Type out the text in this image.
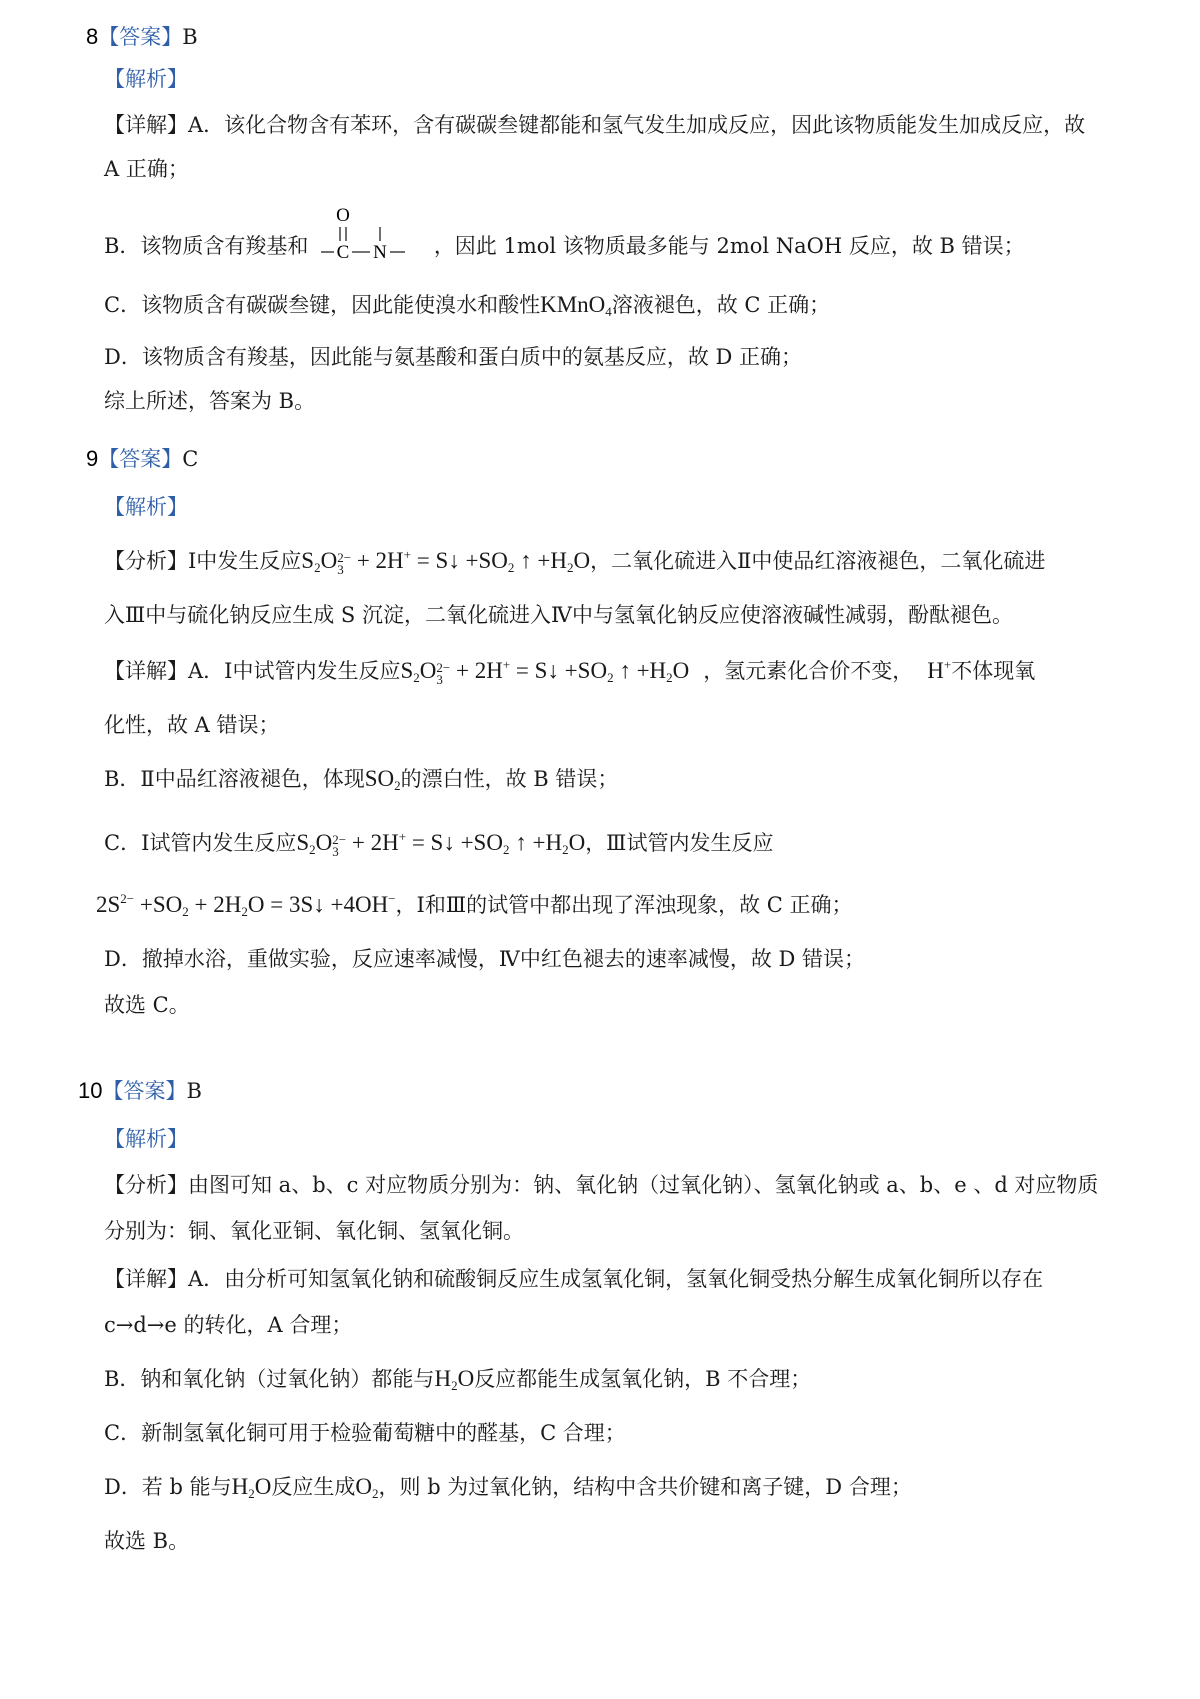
8【答案】B
【解析】
【详解】A．该化合物含有苯环，含有碳碳叁键都能和氢气发生加成反应，因此该物质能发生加成反应，故
A 正确；
B．该物质含有羧基和
O
C N ，因此 1mol 该物质最多能与 2mol NaOH 反应，故 B 错误；
C．该物质含有碳碳叁键，因此能使溴水和酸性KMnO$_4$溶液褪色，故 C 正确；
D．该物质含有羧基，因此能与氨基酸和蛋白质中的氨基反应，故 D 正确；
综上所述，答案为 B。
9【答案】C
【解析】
【分析】Ⅰ中发生反应$S_2O$ 2−
3 + 2H+ = S↓ $+SO_2$ ↑ $+H_2O$，二氧化硫进入Ⅱ中使品红溶液褪色，二氧化硫进
入Ⅲ中与硫化钠反应生成 S 沉淀，二氧化硫进入Ⅳ中与氢氧化钠反应使溶液碱性减弱，酚酞褪色。
【详解】A．Ⅰ中试管内发生反应$S_2O$ 2−
3 + 2H+ = S↓ $+SO_2$ ↑ $+H_2O$ ，氢元素化合价不变， H+不体现氧
化性，故 A 错误；
B．Ⅱ中品红溶液褪色，体现$SO_2$的漂白性，故 B 错误；
C．Ⅰ试管内发生反应$S_2O$ 2−
3 + 2H+ = S↓ $+SO_2$ ↑ $+H_2O$，Ⅲ试管内发生反应
$2S^{2-} +SO_2 + 2H_2O$ = 3S↓ +4OH−，Ⅰ和Ⅲ的试管中都出现了浑浊现象，故 C 正确；
D．撤掉水浴，重做实验，反应速率减慢，Ⅳ中红色褪去的速率减慢，故 D 错误；
故选 C。
10【答案】B
【解析】
【分析】由图可知 a、b、c 对应物质分别为：钠、氧化钠（过氧化钠）、氢氧化钠或 a、b、e 、d 对应物质
分别为：铜、氧化亚铜、氧化铜、氢氧化铜。
【详解】A．由分析可知氢氧化钠和硫酸铜反应生成氢氧化铜，氢氧化铜受热分解生成氧化铜所以存在
c→d→e 的转化，A 合理；
B．钠和氧化钠（过氧化钠）都能与$H_2O$反应都能生成氢氧化钠，B 不合理；
C．新制氢氧化铜可用于检验葡萄糖中的醛基，C 合理；
D．若 b 能与$H_2O$反应生成$O_2$，则 b 为过氧化钠，结构中含共价键和离子键，D 合理；
故选 B。
